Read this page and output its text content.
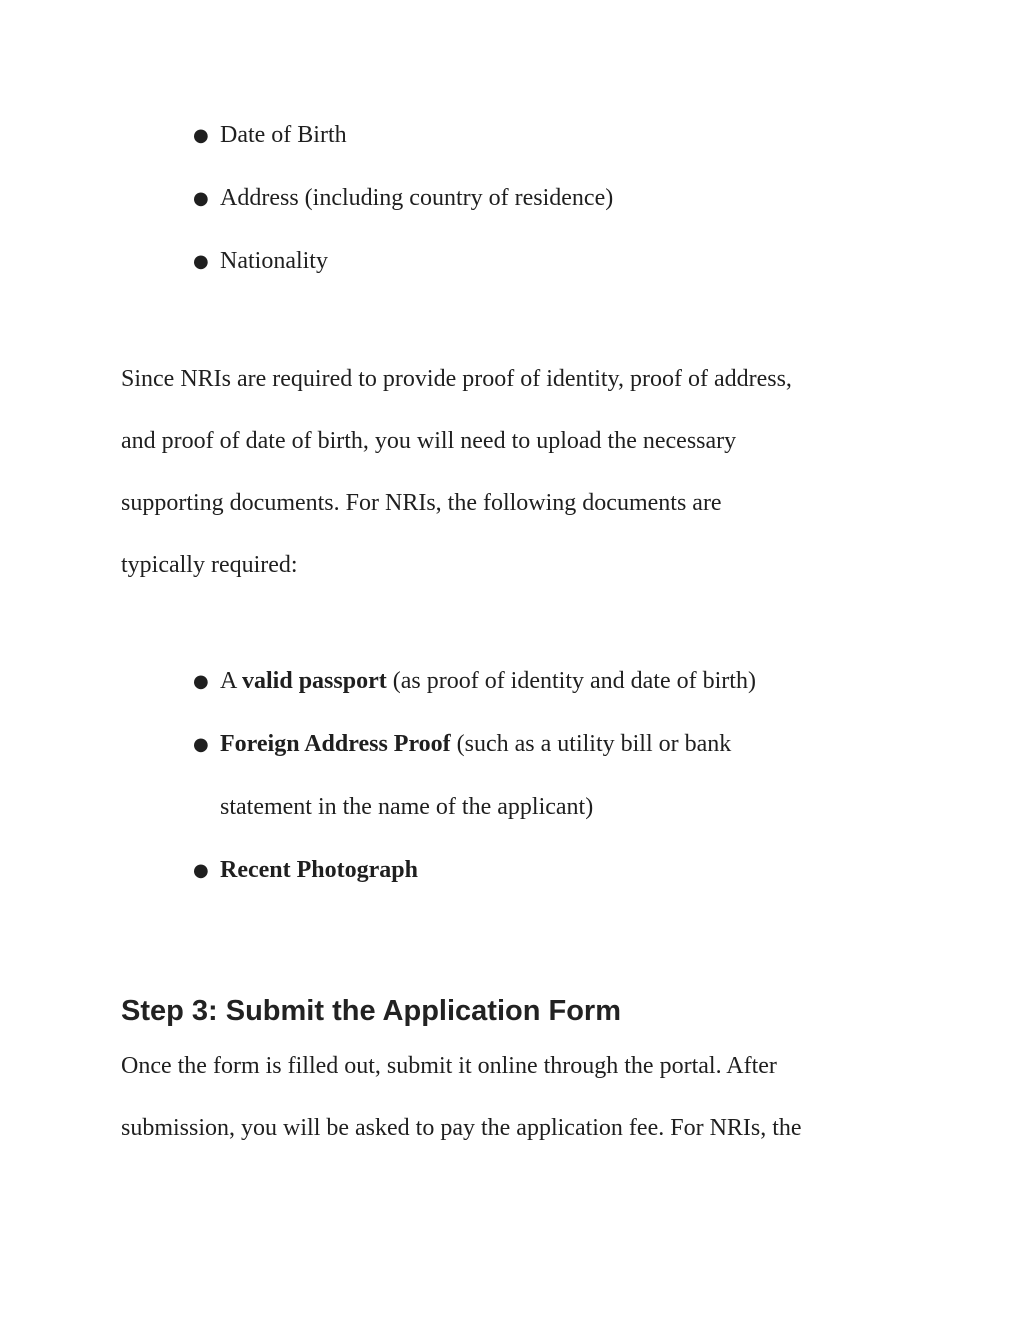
● Date of Birth
● Address (including country of residence)
● Nationality
Since NRIs are required to provide proof of identity, proof of address,
and proof of date of birth, you will need to upload the necessary
supporting documents. For NRIs, the following documents are
typically required:
● A valid passport (as proof of identity and date of birth)
● Foreign Address Proof (such as a utility bill or bank
statement in the name of the applicant)
● Recent Photograph
Step 3: Submit the Application Form
Once the form is filled out, submit it online through the portal. After
submission, you will be asked to pay the application fee. For NRIs, the
